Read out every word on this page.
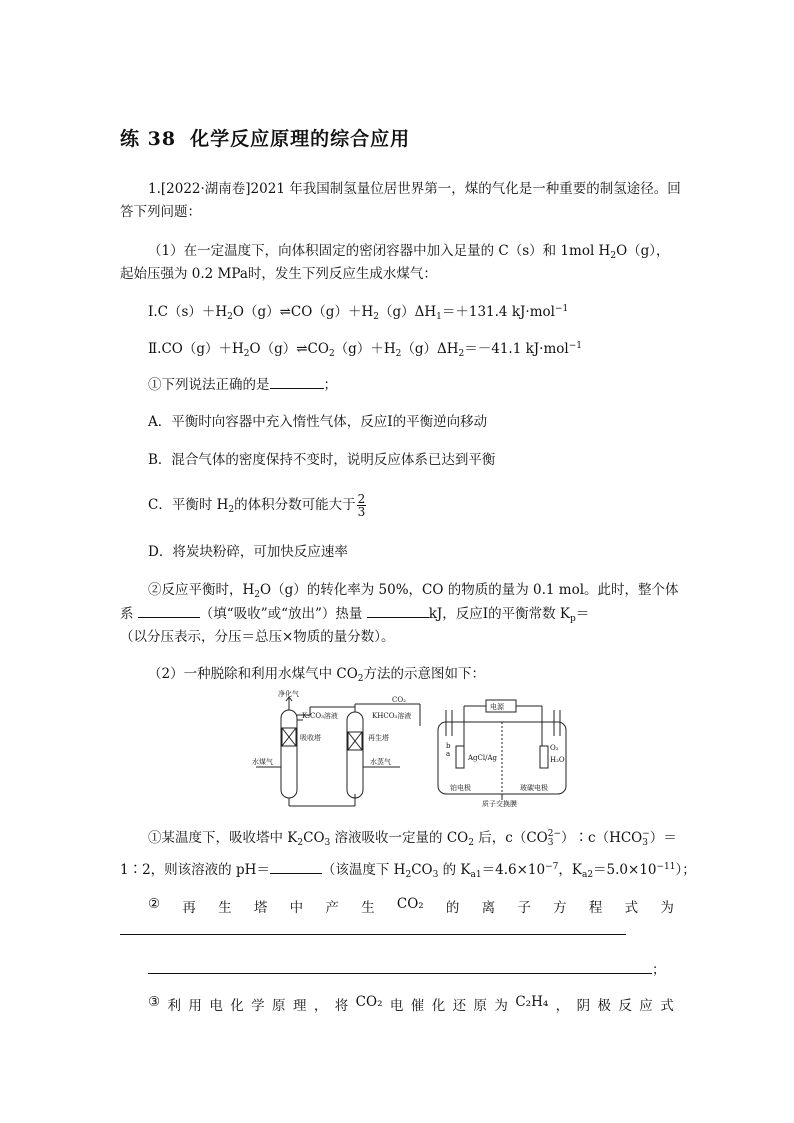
练 38 化学反应原理的综合应用
1.[2022·湖南卷]2021 年我国制氢量位居世界第一，煤的气化是一种重要的制氢途径。回
答下列问题：
（1）在一定温度下，向体积固定的密闭容器中加入足量的 C（s）和 1mol $H_2O(g)$，
起始压强为 0.2 MPa时，发生下列反应生成水煤气：
$Ⅰ.C(s)+H_2O(g)\rightleftharpoons CO(g)+H_2(g)\Delta H_1=+131.4$ kJ·mol$^{-1}$
$Ⅱ.CO(g)+H_2O(g)\rightleftharpoons CO_2(g)+H_2(g)\Delta H_2=-41.1$ kJ·mol$^{-1}$
①下列说法正确的是	；
A．平衡时向容器中充入惰性气体，反应Ⅰ的平衡逆向移动
B．混合气体的密度保持不变时，说明反应体系已达到平衡
C．平衡时 $H_2$的体积分数可能大于 $\frac{2}{3}$
D．将炭块粉碎，可加快反应速率
②反应平衡时，$H_2O(g)$的转化率为 50%，CO 的物质的量为 0.1 mol。此时，整个体
系	（填“吸收”或“放出”）热量	kJ，反应Ⅰ的平衡常数 $K_p=$
（以分压表示，分压＝总压×物质的量分数）。
（2）一种脱除和利用水煤气中 $CO_2$方法的示意图如下：
净化气
K₂CO₃溶液
吸收塔
水煤气
CO₂
KHCO₃溶液
再生塔
水蒸气
电源
AgCl/Ag
b
a
铂电极	玻碳电极
O₂
H₂O
质子交换膜
①某温度下，吸收塔中 $K_2CO_3$ 溶液吸收一定量的 $CO_2$ 后，c（CO 2−
3 ）∶c（HCO −
3 ）＝
1∶2，则该溶液的 pH＝	（该温度下 $H_2CO_3$ 的 $K_{a1}=4.6\times 10^{-7}$，$K_{a2}=5.0\times 10^{-11}$）；
② 再 生 塔 中 产 生 CO₂ 的 离 子 方 程 式 为
；
③ 利 用 电 化 学 原 理 ， 将 CO₂ 电 催 化 还 原 为 C₂H₄ ， 阴 极 反 应 式
